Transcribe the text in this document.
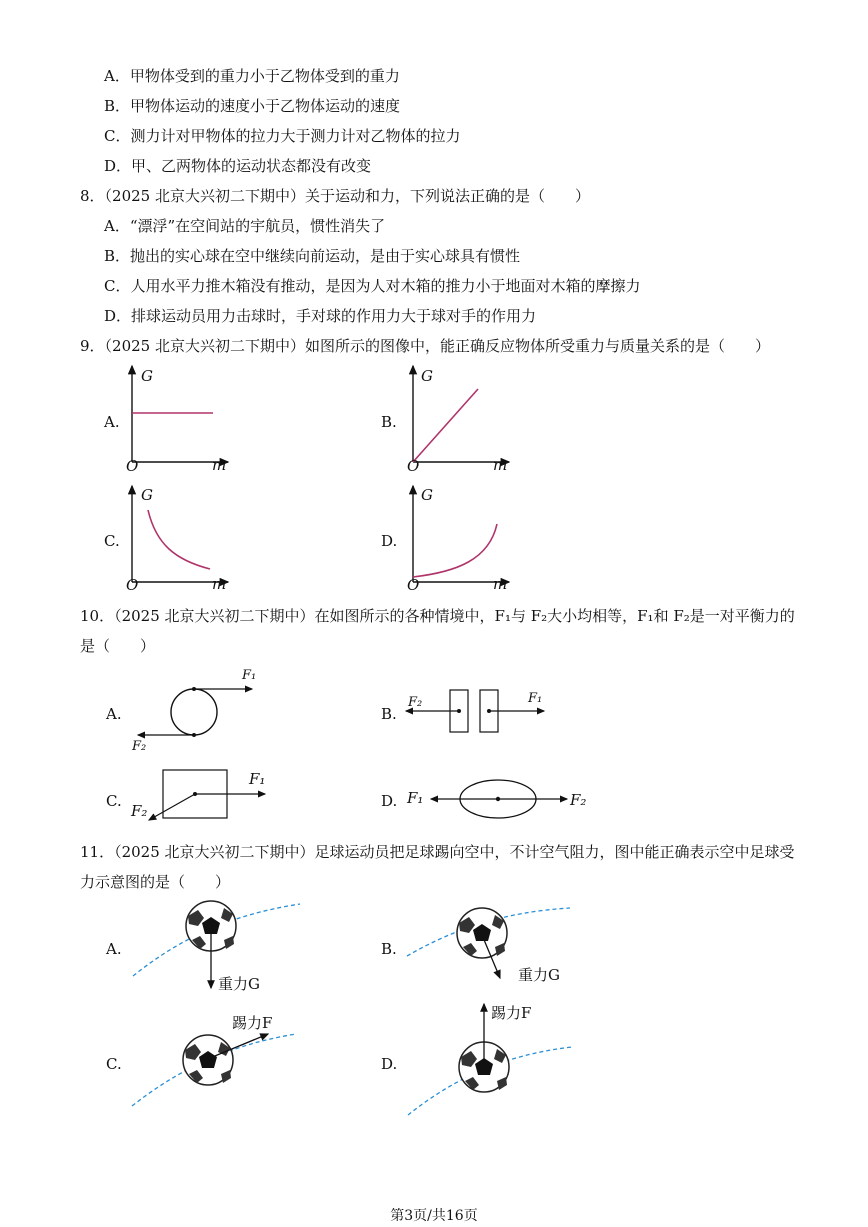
A．甲物体受到的重力小于乙物体受到的重力
B．甲物体运动的速度小于乙物体运动的速度
C．测力计对甲物体的拉力大于测力计对乙物体的拉力
D．甲、乙两物体的运动状态都没有改变
8．（2025 北京大兴初二下期中）关于运动和力，下列说法正确的是（　　）
A．“漂浮”在空间站的宇航员，惯性消失了
B．抛出的实心球在空中继续向前运动，是由于实心球具有惯性
C．人用水平力推木箱没有推动，是因为人对木箱的推力小于地面对木箱的摩擦力
D．排球运动员用力击球时，手对球的作用力大于球对手的作用力
9．（2025 北京大兴初二下期中）如图所示的图像中，能正确反应物体所受重力与质量关系的是（　　）
A.
G
m
O
B.
G
m
O
C.
G
m
O
D.
G
m
O
10．（2025 北京大兴初二下期中）在如图所示的各种情境中，F₁与 F₂大小均相等，F₁和 F₂是一对平衡力的
是（　　）
A.
F₁
F₂
B.
F₂	F₁
C.
F₁
F₂
D. F₁	F₂
11．（2025 北京大兴初二下期中）足球运动员把足球踢向空中，不计空气阻力，图中能正确表示空中足球受
力示意图的是（　　）
A.
重力G
B.
重力G
C.
踢力F
D.
踢力F
第3页/共16页
